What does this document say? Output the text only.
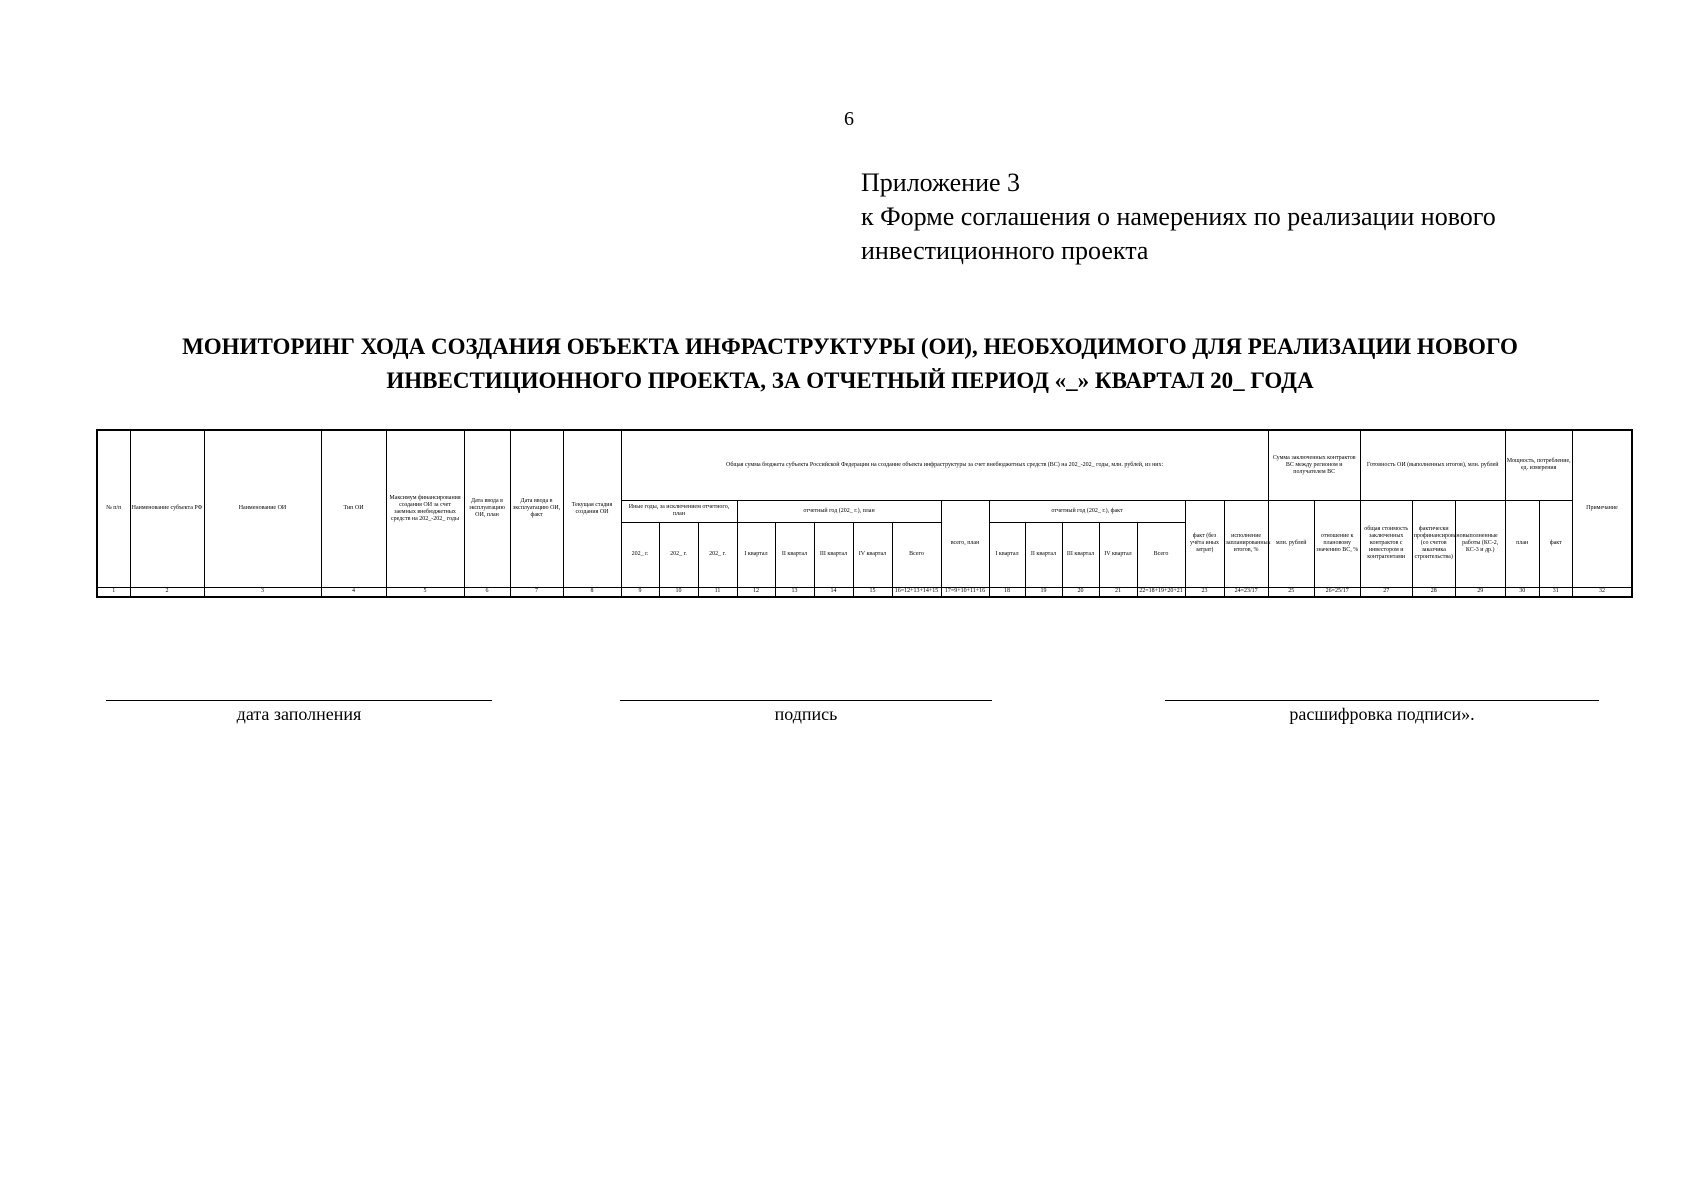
6
Приложение 3
к Форме соглашения о намерениях по реализации нового
инвестиционного проекта
МОНИТОРИНГ ХОДА СОЗДАНИЯ ОБЪЕКТА ИНФРАСТРУКТУРЫ (ОИ), НЕОБХОДИМОГО ДЛЯ РЕАЛИЗАЦИИ НОВОГО
ИНВЕСТИЦИОННОГО ПРОЕКТА, ЗА ОТЧЕТНЫЙ ПЕРИОД «_» КВАРТАЛ 20_ ГОДА
№ п/п	Наименование субъекта РФ	Наименование ОИ	Тип ОИ	Максимум финансирования создания ОИ за счет заемных внебюджетных средств на 202_-202_ годы	Дата ввода в эксплуатацию ОИ, план	Дата ввода в эксплуатацию ОИ, факт	Текущая стадия создания ОИ	Общая сумма бюджета субъекта Российской Федерации на создание объекта инфраструктуры за счет внебюджетных средств (ВС) на 202_-202_ годы, млн. рублей, из них:																Сумма заключенных контрактов ВС между регионом и получателем ВС		Готовность ОИ (выполненных итогов), млн. рублей			Мощность, потребление, ед. измерения		Примечание
								Иные годы, за исключением отчетного, план			отчетный год (202_ г.), план					всего, план	отчетный год (202_ г.), факт					факт (без учёта иных затрат)	исполнение запланированных итогов, %	млн. рублей	отношение к плановому значению ВС, %	общая стоимость заключенных контрактов с инвестором и контрагентами	фактически профинансировано (со счетов заказчика строительства)	выполненные работы (КС-2, КС-3 и др.)	план	факт	
								202_ г.	202_ г.	202_ г.	I квартал	II квартал	III квартал	IV квартал	Всего		I квартал	II квартал	III квартал	IV квартал	Всего										
1	2	3	4	5	6	7	8	9	10	11	12	13	14	15	16=12+13+14+15	17=9+10+11+16	18	19	20	21	22=18+19+20+21	23	24=23/17	25	26=25/17	27	28	29	30	31	32
дата заполнения	подпись	расшифровка подписи».
